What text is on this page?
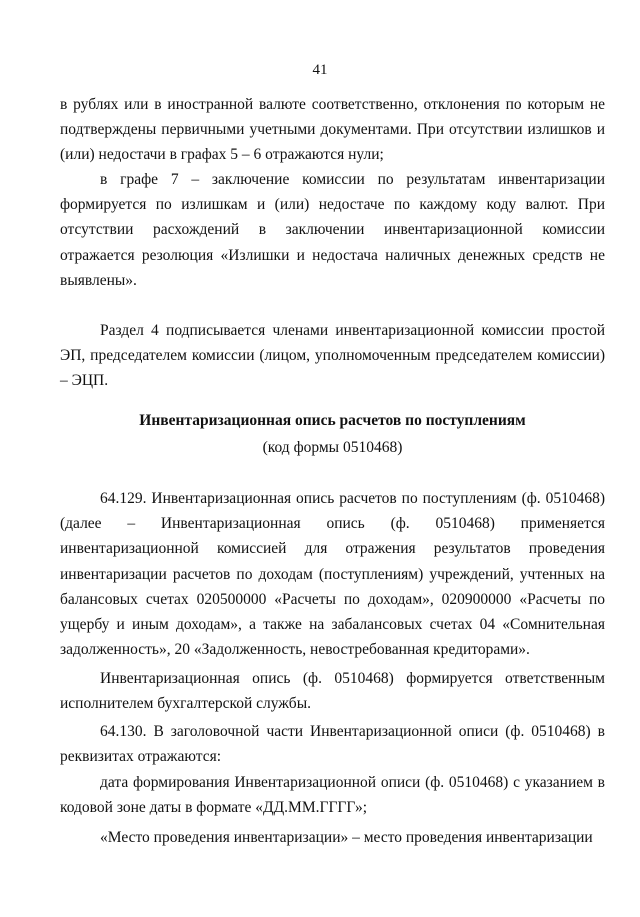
41

в рублях или в иностранной валюте соответственно, отклонения по которым не подтверждены первичными учетными документами. При отсутствии излишков и (или) недостачи в графах 5 – 6 отражаются нули;

в графе 7 – заключение комиссии по результатам инвентаризации формируется по излишкам и (или) недостаче по каждому коду валют. При отсутствии расхождений в заключении инвентаризационной комиссии отражается резолюция «Излишки и недостача наличных денежных средств не выявлены».

Раздел 4 подписывается членами инвентаризационной комиссии простой ЭП, председателем комиссии (лицом, уполномоченным председателем комиссии) – ЭЦП.

Инвентаризационная опись расчетов по поступлениям
(код формы 0510468)

64.129. Инвентаризационная опись расчетов по поступлениям (ф. 0510468) (далее – Инвентаризационная опись (ф. 0510468) применяется инвентаризационной комиссией для отражения результатов проведения инвентаризации расчетов по доходам (поступлениям) учреждений, учтенных на балансовых счетах 020500000 «Расчеты по доходам», 020900000 «Расчеты по ущербу и иным доходам», а также на забалансовых счетах 04 «Сомнительная задолженность», 20 «Задолженность, невостребованная кредиторами».

Инвентаризационная опись (ф. 0510468) формируется ответственным исполнителем бухгалтерской службы.

64.130. В заголовочной части Инвентаризационной описи (ф. 0510468) в реквизитах отражаются:

дата формирования Инвентаризационной описи (ф. 0510468) с указанием в кодовой зоне даты в формате «ДД.ММ.ГГГГ»;

«Место проведения инвентаризации» – место проведения инвентаризации
